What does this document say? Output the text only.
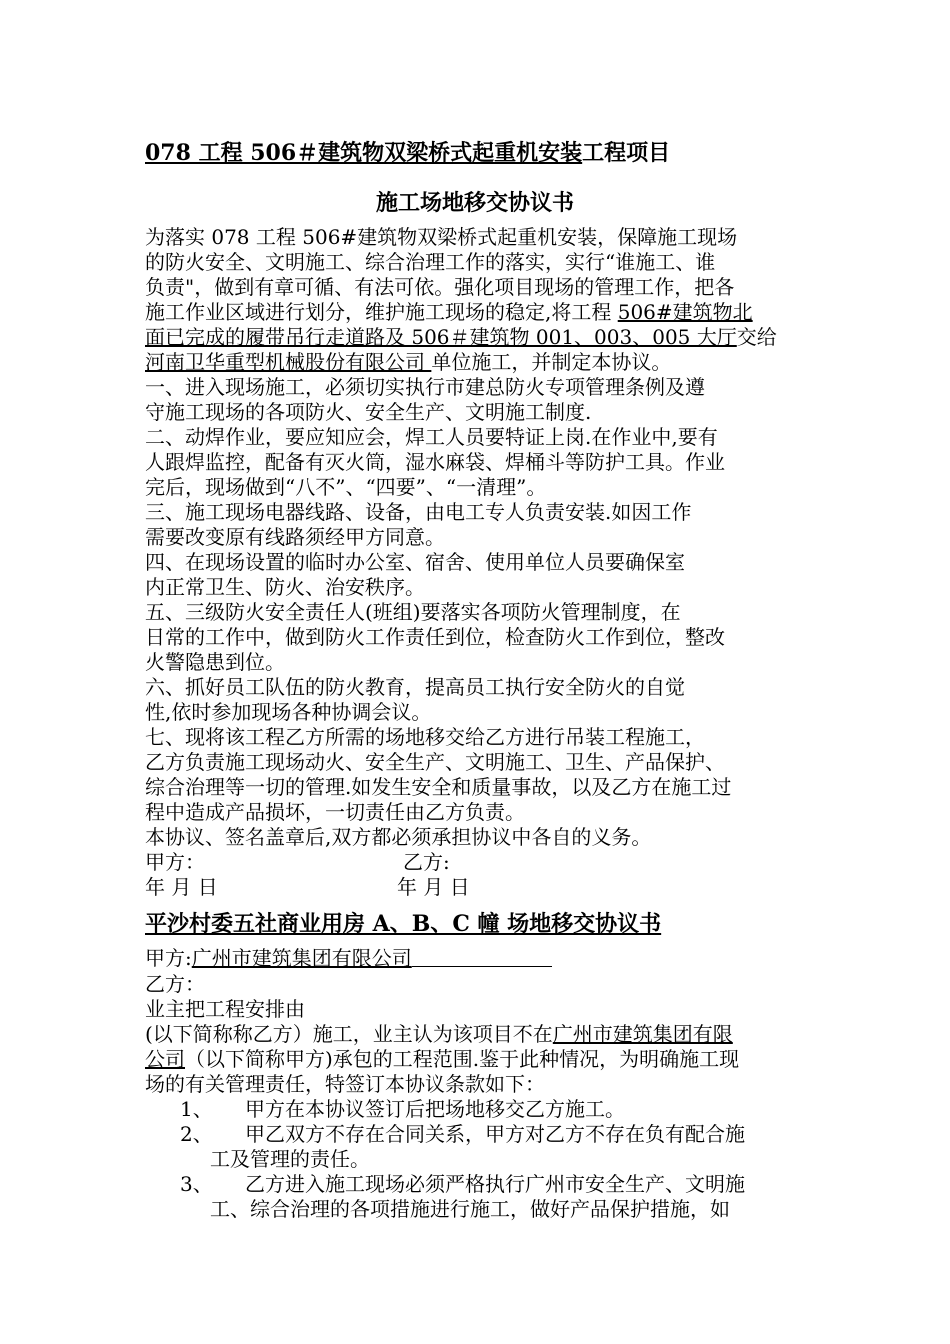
078 工程 506＃建筑物双梁桥式起重机安装工程项目
施工场地移交协议书
为落实 078 工程 506#建筑物双梁桥式起重机安装，保障施工现场
的防火安全、文明施工、综合治理工作的落实，实行“谁施工、谁
负责"，做到有章可循、有法可依。强化项目现场的管理工作，把各
施工作业区域进行划分，维护施工现场的稳定,将工程 506#建筑物北
面已完成的履带吊行走道路及 506＃建筑物 001、003、005 大厅交给
河南卫华重型机械股份有限公司 单位施工，并制定本协议。
一、进入现场施工，必须切实执行市建总防火专项管理条例及遵
守施工现场的各项防火、安全生产、文明施工制度.
二、动焊作业，要应知应会，焊工人员要特证上岗.在作业中,要有
人跟焊监控，配备有灭火筒，湿水麻袋、焊桶斗等防护工具。作业
完后，现场做到“八不”、“四要”、“一清理”。
三、施工现场电器线路、设备，由电工专人负责安装.如因工作
需要改变原有线路须经甲方同意。
四、在现场设置的临时办公室、宿舍、使用单位人员要确保室
内正常卫生、防火、治安秩序。
五、三级防火安全责任人(班组)要落实各项防火管理制度，在
日常的工作中，做到防火工作责任到位，检查防火工作到位，整改
火警隐患到位。
六、抓好员工队伍的防火教育，提高员工执行安全防火的自觉
性,依时参加现场各种协调会议。
七、现将该工程乙方所需的场地移交给乙方进行吊装工程施工，
乙方负责施工现场动火、安全生产、文明施工、卫生、产品保护、
综合治理等一切的管理.如发生安全和质量事故，以及乙方在施工过
程中造成产品损坏，一切责任由乙方负责。
本协议、签名盖章后,双方都必须承担协议中各自的义务。
甲方：	乙方:
年 月 日	年 月 日
平沙村委五社商业用房 A、B、C 幢 场地移交协议书
甲方:广州市建筑集团有限公司
乙方：
业主把工程安排由
(以下简称称乙方）施工，业主认为该项目不在广州市建筑集团有限
公司（以下简称甲方)承包的工程范围.鉴于此种情况，为明确施工现
场的有关管理责任，特签订本协议条款如下：
1、 甲方在本协议签订后把场地移交乙方施工。
2、 甲乙双方不存在合同关系，甲方对乙方不存在负有配合施
工及管理的责任。
3、 乙方进入施工现场必须严格执行广州市安全生产、文明施
工、综合治理的各项措施进行施工，做好产品保护措施，如
